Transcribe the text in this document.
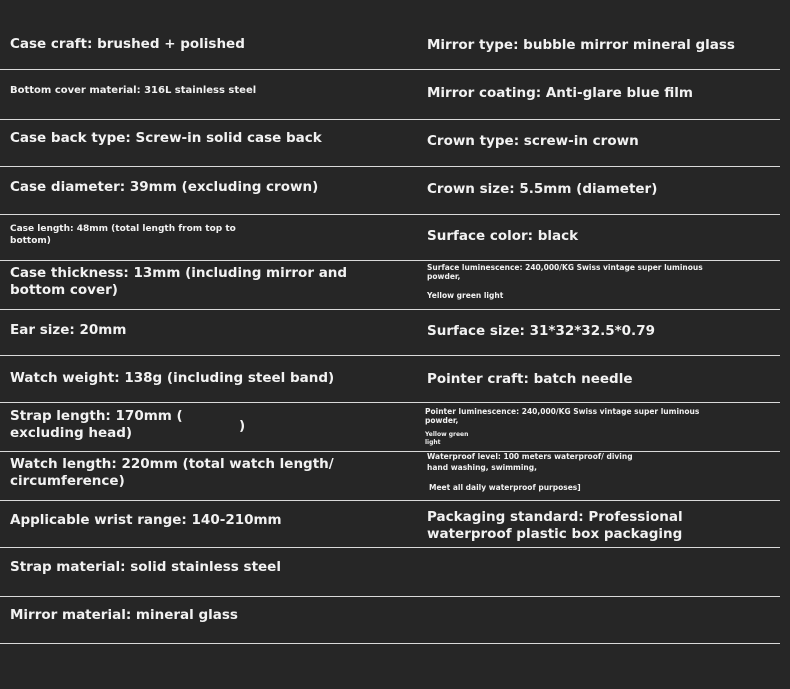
Case craft: brushed + polished
Bottom cover material: 316L stainless steel
Case back type: Screw-in solid case back
Case diameter: 39mm (excluding crown)
Case length: 48mm (total length from top to
bottom)
Case thickness: 13mm (including mirror and
bottom cover)
Ear size: 20mm
Watch weight: 138g (including steel band)
Strap length: 170mm (
excluding head)	)
Watch length: 220mm (total watch length/
circumference)
Applicable wrist range: 140-210mm
Strap material: solid stainless steel
Mirror material: mineral glass
Mirror type: bubble mirror mineral glass
Mirror coating: Anti-glare blue film
Crown type: screw-in crown
Crown size: 5.5mm (diameter)
Surface color: black
Surface luminescence: 240,000/KG Swiss vintage super luminous
powder,
Yellow green light
Surface size: 31*32*32.5*0.79
Pointer craft: batch needle
Pointer luminescence: 240,000/KG Swiss vintage super luminous
powder,
Yellow green
light
Waterproof level: 100 meters waterproof/ diving
hand washing, swimming,
Meet all daily waterproof purposes]
Packaging standard: Professional
waterproof plastic box packaging
